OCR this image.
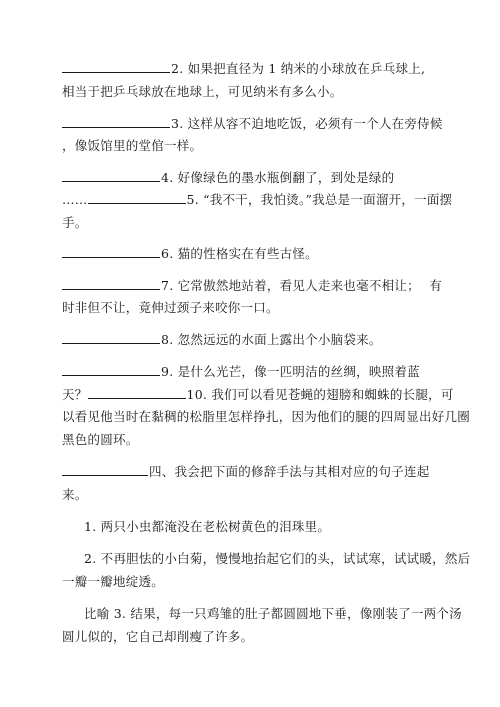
2. 如果把直径为 1 纳米的小球放在乒乓球上,
相当于把乒乓球放在地球上，可见纳米有多么小。
3. 这样从容不迫地吃饭，必须有一个人在旁侍候
，像饭馆里的堂倌一样。
4. 好像绿色的墨水瓶倒翻了，到处是绿的
……	5. “我不干，我怕烫。”我总是一面溜开，一面摆
手。
6. 猫的性格实在有些古怪。
7. 它常傲然地站着，看见人走来也毫不相让； 有
时非但不让，竟伸过颈子来咬你一口。
8. 忽然远远的水面上露出个小脑袋来。
9. 是什么光芒，像一匹明洁的丝绸，映照着蓝
天？	10. 我们可以看见苍蝇的翅膀和蜘蛛的长腿，可
以看见他当时在黏稠的松脂里怎样挣扎，因为他们的腿的四周显出好几圈
黑色的圆环。
四、我会把下面的修辞手法与其相对应的句子连起
来。
1. 两只小虫都淹没在老松树黄色的泪珠里。
2. 不再胆怯的小白菊，慢慢地抬起它们的头，试试寒，试试暖，然后
一瓣一瓣地绽透。
比喻 3. 结果，每一只鸡雏的肚子都圆圆地下垂，像刚装了一两个汤
圆儿似的，它自己却削瘦了许多。
